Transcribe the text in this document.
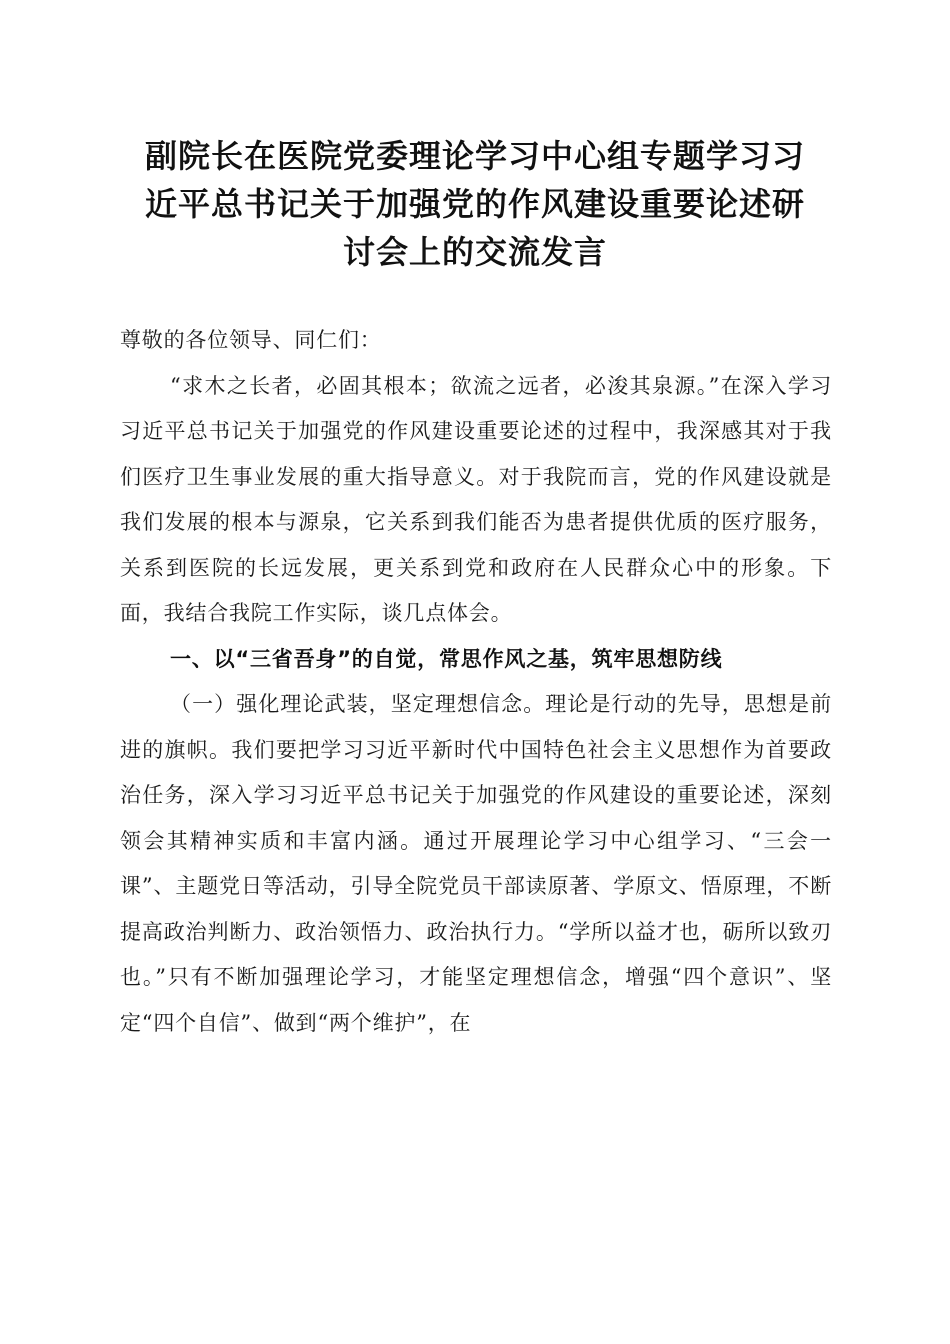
副院长在医院党委理论学习中心组专题学习习
近平总书记关于加强党的作风建设重要论述研
讨会上的交流发言

尊敬的各位领导、同仁们：

“求木之长者，必固其根本；欲流之远者，必浚其泉源。”在深入学习习近平总书记关于加强党的作风建设重要论述的过程中，我深感其对于我们医疗卫生事业发展的重大指导意义。对于我院而言，党的作风建设就是我们发展的根本与源泉，它关系到我们能否为患者提供优质的医疗服务，关系到医院的长远发展，更关系到党和政府在人民群众心中的形象。下面，我结合我院工作实际，谈几点体会。

一、以“三省吾身”的自觉，常思作风之基，筑牢思想防线

（一）强化理论武装，坚定理想信念。理论是行动的先导，思想是前进的旗帜。我们要把学习习近平新时代中国特色社会主义思想作为首要政治任务，深入学习习近平总书记关于加强党的作风建设的重要论述，深刻领会其精神实质和丰富内涵。通过开展理论学习中心组学习、“三会一课”、主题党日等活动，引导全院党员干部读原著、学原文、悟原理，不断提高政治判断力、政治领悟力、政治执行力。“学所以益才也，砺所以致刃也。”只有不断加强理论学习，才能坚定理想信念，增强“四个意识”、坚定“四个自信”、做到“两个维护”，在
